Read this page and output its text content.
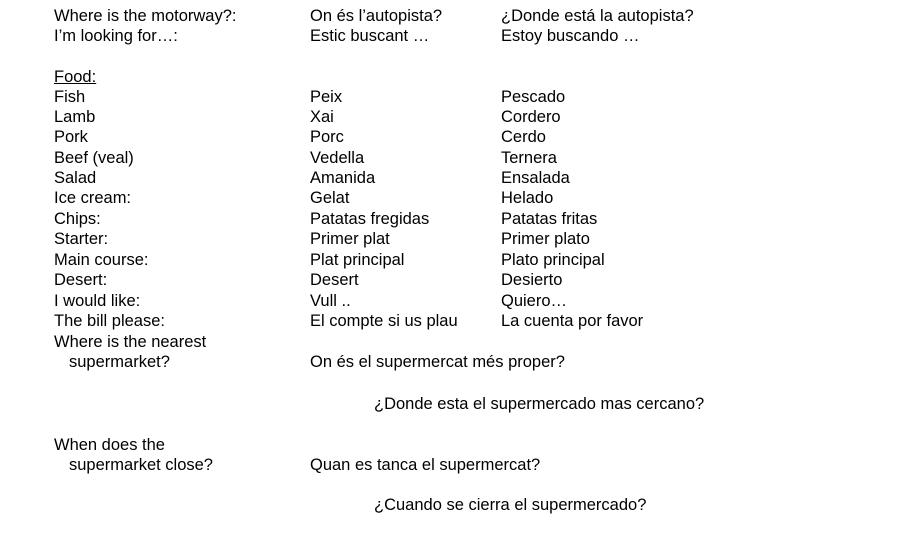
Where is the motorway?:	On és l’autopista?	¿Donde está la autopista?
I’m looking for…:	Estic buscant …	Estoy buscando …
Food:
Fish	Peix	Pescado
Lamb	Xai	Cordero
Pork	Porc	Cerdo
Beef (veal)	Vedella	Ternera
Salad	Amanida	Ensalada
Ice cream:	Gelat	Helado
Chips:	Patatas fregidas	Patatas fritas
Starter:	Primer plat	Primer plato
Main course:	Plat principal	Plato principal
Desert:	Desert	Desierto
I would like:	Vull ..	Quiero…
The bill please:	El compte si us plau	La cuenta por favor
Where is the nearest
supermarket?	On és el supermercat més proper?
¿Donde esta el supermercado mas cercano?
When does the
supermarket close?	Quan es tanca el supermercat?
¿Cuando se cierra el supermercado?
